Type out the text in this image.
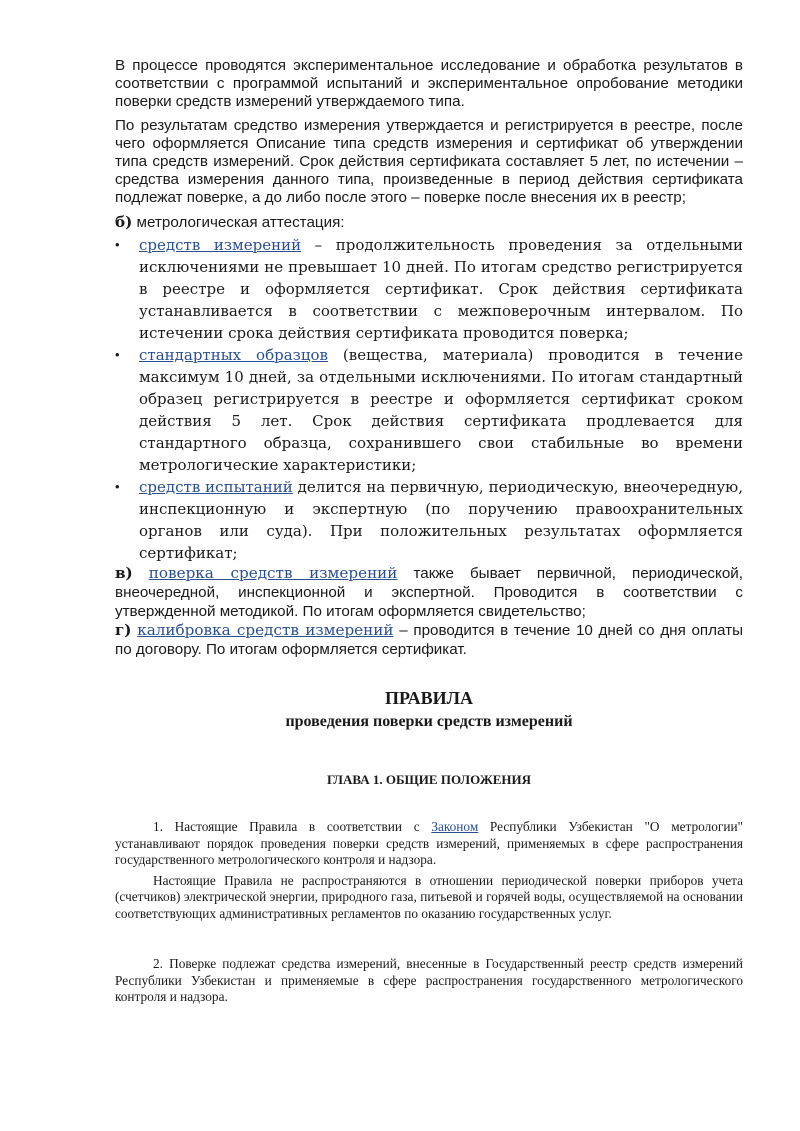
В процессе проводятся экспериментальное исследование и обработка результатов в соответствии с программой испытаний и экспериментальное опробование методики поверки средств измерений утверждаемого типа.

По результатам средство измерения утверждается и регистрируется в реестре, после чего оформляется Описание типа средств измерения и сертификат об утверждении типа средств измерений. Срок действия сертификата составляет 5 лет, по истечении – средства измерения данного типа, произведенные в период действия сертификата подлежат поверке, а до либо после этого – поверке после внесения их в реестр;

б) метрологическая аттестация:

• средств измерений – продолжительность проведения за отдельными исключениями не превышает 10 дней. По итогам средство регистрируется в реестре и оформляется сертификат. Срок действия сертификата устанавливается в соответствии с межповерочным интервалом. По истечении срока действия сертификата проводится поверка;
• стандартных образцов (вещества, материала) проводится в течение максимум 10 дней, за отдельными исключениями. По итогам стандартный образец регистрируется в реестре и оформляется сертификат сроком действия 5 лет. Срок действия сертификата продлевается для стандартного образца, сохранившего свои стабильные во времени метрологические характеристики;
• средств испытаний делится на первичную, периодическую, внеочередную, инспекционную и экспертную (по поручению правоохранительных органов или суда). При положительных результатах оформляется сертификат;

в) поверка средств измерений также бывает первичной, периодической, внеочередной, инспекционной и экспертной. Проводится в соответствии с утвержденной методикой. По итогам оформляется свидетельство;

г) калибровка средств измерений – проводится в течение 10 дней со дня оплаты по договору. По итогам оформляется сертификат.

ПРАВИЛА
проведения поверки средств измерений
ГЛАВА 1. ОБЩИЕ ПОЛОЖЕНИЯ

1. Настоящие Правила в соответствии с Законом Республики Узбекистан "О метрологии" устанавливают порядок проведения поверки средств измерений, применяемых в сфере распространения государственного метрологического контроля и надзора.

Настоящие Правила не распространяются в отношении периодической поверки приборов учета (счетчиков) электрической энергии, природного газа, питьевой и горячей воды, осуществляемой на основании соответствующих административных регламентов по оказанию государственных услуг.

2. Поверке подлежат средства измерений, внесенные в Государственный реестр средств измерений Республики Узбекистан и применяемые в сфере распространения государственного метрологического контроля и надзора.
